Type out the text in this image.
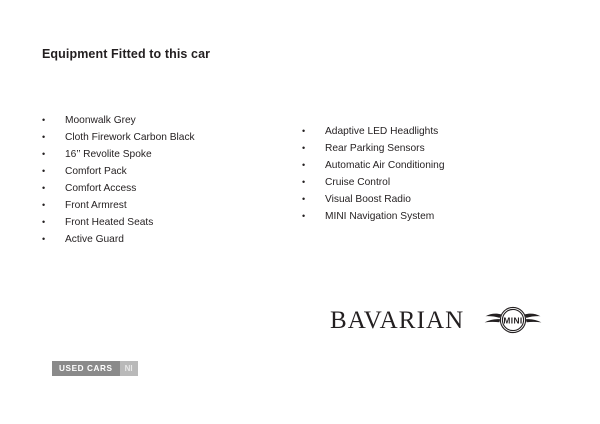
Equipment Fitted to this car
• Moonwalk Grey
• Cloth Firework Carbon Black
• 16’’ Revolite Spoke
• Comfort Pack
• Comfort Access
• Front Armrest
• Front Heated Seats
• Active Guard
• Adaptive LED Headlights
• Rear Parking Sensors
• Automatic Air Conditioning
• Cruise Control
• Visual Boost Radio
• MINI Navigation System
BAVARIAN	MINI
USED CARS	NI
